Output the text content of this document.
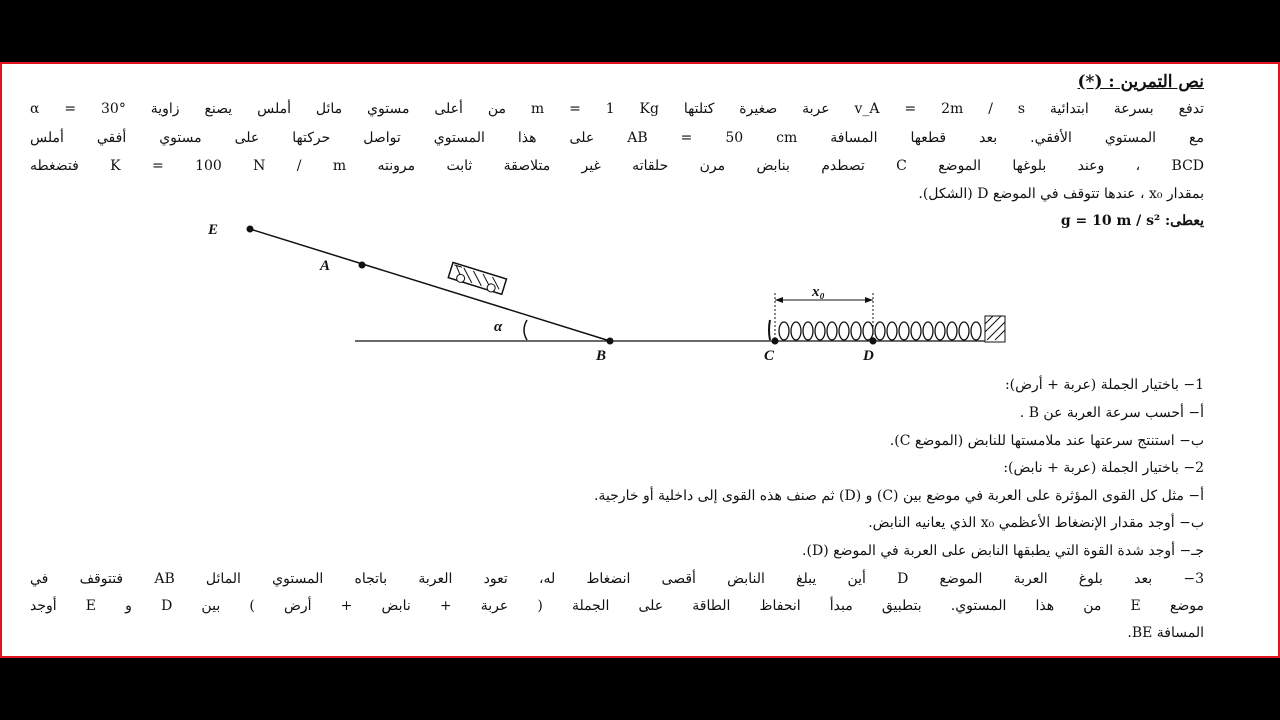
نص التمرين : (*)
تدفع بسرعة ابتدائية v_A = 2m / s عربة صغيرة كتلتها m = 1 Kg من أعلى مستوي مائل أملس يصنع زاوية α = 30°
مع المستوي الأفقي. بعد قطعها المسافة AB = 50 cm على هذا المستوي تواصل حركتها على مستوي أفقي أملس
BCD ، وعند بلوغها الموضع C تصطدم بنابض مرن حلقاته غير متلاصقة ثابت مرونته K = 100 N / m فتضغطه
بمقدار x₀ ، عندها تتوقف في الموضع D (الشكل).
يعطى: g = 10 m / s²
E
A
B	C	D
α
x₀
1− باختيار الجملة (عربة + أرض):
أ− أحسب سرعة العربة عن B .
ب− استنتج سرعتها عند ملامستها للنابض (الموضع C).
2− باختيار الجملة (عربة + نابض):
أ− مثل كل القوى المؤثرة على العربة في موضع بين (C) و (D) ثم صنف هذه القوى إلى داخلية أو خارجية.
ب− أوجد مقدار الإنضغاط الأعظمي x₀ الذي يعانيه النابض.
جـ− أوجد شدة القوة التي يطبقها النابض على العربة في الموضع (D).
3− بعد بلوغ العربة الموضع D أين يبلغ النابض أقصى انضغاط له، تعود العربة باتجاه المستوي المائل AB فتتوقف في
موضع E من هذا المستوي. بتطبيق مبدأ انحفاظ الطاقة على الجملة ( عربة + نابض + أرض ) بين D و E أوجد
المسافة BE.
